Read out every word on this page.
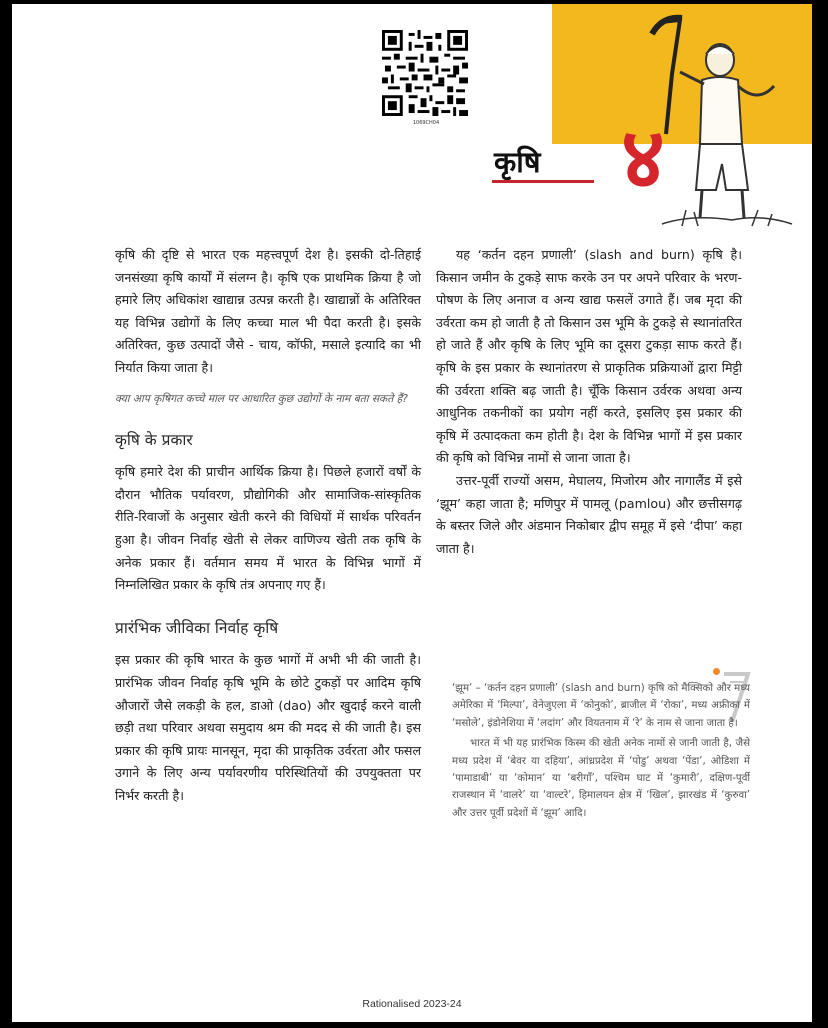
1069CH04
कृषि ४

कृषि की दृष्टि से भारत एक महत्त्वपूर्ण देश है। इसकी दो-तिहाई जनसंख्या कृषि कार्यों में संलग्न है। कृषि एक प्राथमिक क्रिया है जो हमारे लिए अधिकांश खाद्यान्न उत्पन्न करती है। खाद्यान्नों के अतिरिक्त यह विभिन्न उद्योगों के लिए कच्चा माल भी पैदा करती है। इसके अतिरिक्त, कुछ उत्पादों जैसे - चाय, कॉफी, मसाले इत्यादि का भी निर्यात किया जाता है।

क्या आप कृषिगत कच्चे माल पर आधारित कुछ उद्योगों के नाम बता सकते हैं?

कृषि के प्रकार

कृषि हमारे देश की प्राचीन आर्थिक क्रिया है। पिछले हजारों वर्षों के दौरान भौतिक पर्यावरण, प्रौद्योगिकी और सामाजिक-सांस्कृतिक रीति-रिवाजों के अनुसार खेती करने की विधियों में सार्थक परिवर्तन हुआ है। जीवन निर्वाह खेती से लेकर वाणिज्य खेती तक कृषि के अनेक प्रकार हैं। वर्तमान समय में भारत के विभिन्न भागों में निम्नलिखित प्रकार के कृषि तंत्र अपनाए गए हैं।

प्रारंभिक जीविका निर्वाह कृषि

इस प्रकार की कृषि भारत के कुछ भागों में अभी भी की जाती है। प्रारंभिक जीवन निर्वाह कृषि भूमि के छोटे टुकड़ों पर आदिम कृषि औजारों जैसे लकड़ी के हल, डाओ (dao) और खुदाई करने वाली छड़ी तथा परिवार अथवा समुदाय श्रम की मदद से की जाती है। इस प्रकार की कृषि प्रायः मानसून, मृदा की प्राकृतिक उर्वरता और फसल उगाने के लिए अन्य पर्यावरणीय परिस्थितियों की उपयुक्तता पर निर्भर करती है।

यह ‘कर्तन दहन प्रणाली’ (slash and burn) कृषि है। किसान जमीन के टुकड़े साफ करके उन पर अपने परिवार के भरण-पोषण के लिए अनाज व अन्य खाद्य फसलें उगाते हैं। जब मृदा की उर्वरता कम हो जाती है तो किसान उस भूमि के टुकड़े से स्थानांतरित हो जाते हैं और कृषि के लिए भूमि का दूसरा टुकड़ा साफ करते हैं। कृषि के इस प्रकार के स्थानांतरण से प्राकृतिक प्रक्रियाओं द्वारा मिट्टी की उर्वरता शक्ति बढ़ जाती है। चूँकि किसान उर्वरक अथवा अन्य आधुनिक तकनीकों का प्रयोग नहीं करते, इसलिए इस प्रकार की कृषि में उत्पादकता कम होती है। देश के विभिन्न भागों में इस प्रकार की कृषि को विभिन्न नामों से जाना जाता है।

उत्तर-पूर्वी राज्यों असम, मेघालय, मिजोरम और नागालैंड में इसे ‘झूम’ कहा जाता है; मणिपुर में पामलू (pamlou) और छत्तीसगढ़ के बस्तर जिले और अंडमान निकोबार द्वीप समूह में इसे ‘दीपा’ कहा जाता है।

‘झूम’ – ‘कर्तन दहन प्रणाली’ (slash and burn) कृषि को मैक्सिको और मध्य अमेरिका में ‘मिल्पा’, वेनेजुएला में ‘कोनुको’, ब्राजील में ‘रोका’, मध्य अफ्रीका में ‘मसोले’, इंडोनेशिया में ‘लदांग’ और वियतनाम में ‘रे’ के नाम से जाना जाता है।

भारत में भी यह प्रारंभिक किस्म की खेती अनेक नामों से जानी जाती है, जैसे मध्य प्रदेश में ‘बेवर या दहिया’, आंध्रप्रदेश में ‘पोडु’ अथवा ‘पेंडा’, ओडिशा में ‘पामाडाबी’ या ‘कोमान’ या ‘बरीगाँ’, पश्चिम घाट में ‘कुमारी’, दक्षिण-पूर्वी राजस्थान में ‘वालरे’ या ‘वाल्टरे’, हिमालयन क्षेत्र में ‘खिल’, झारखंड में ‘कुरुवा’ और उत्तर पूर्वी प्रदेशों में ‘झूम’ आदि।

Rationalised 2023-24
